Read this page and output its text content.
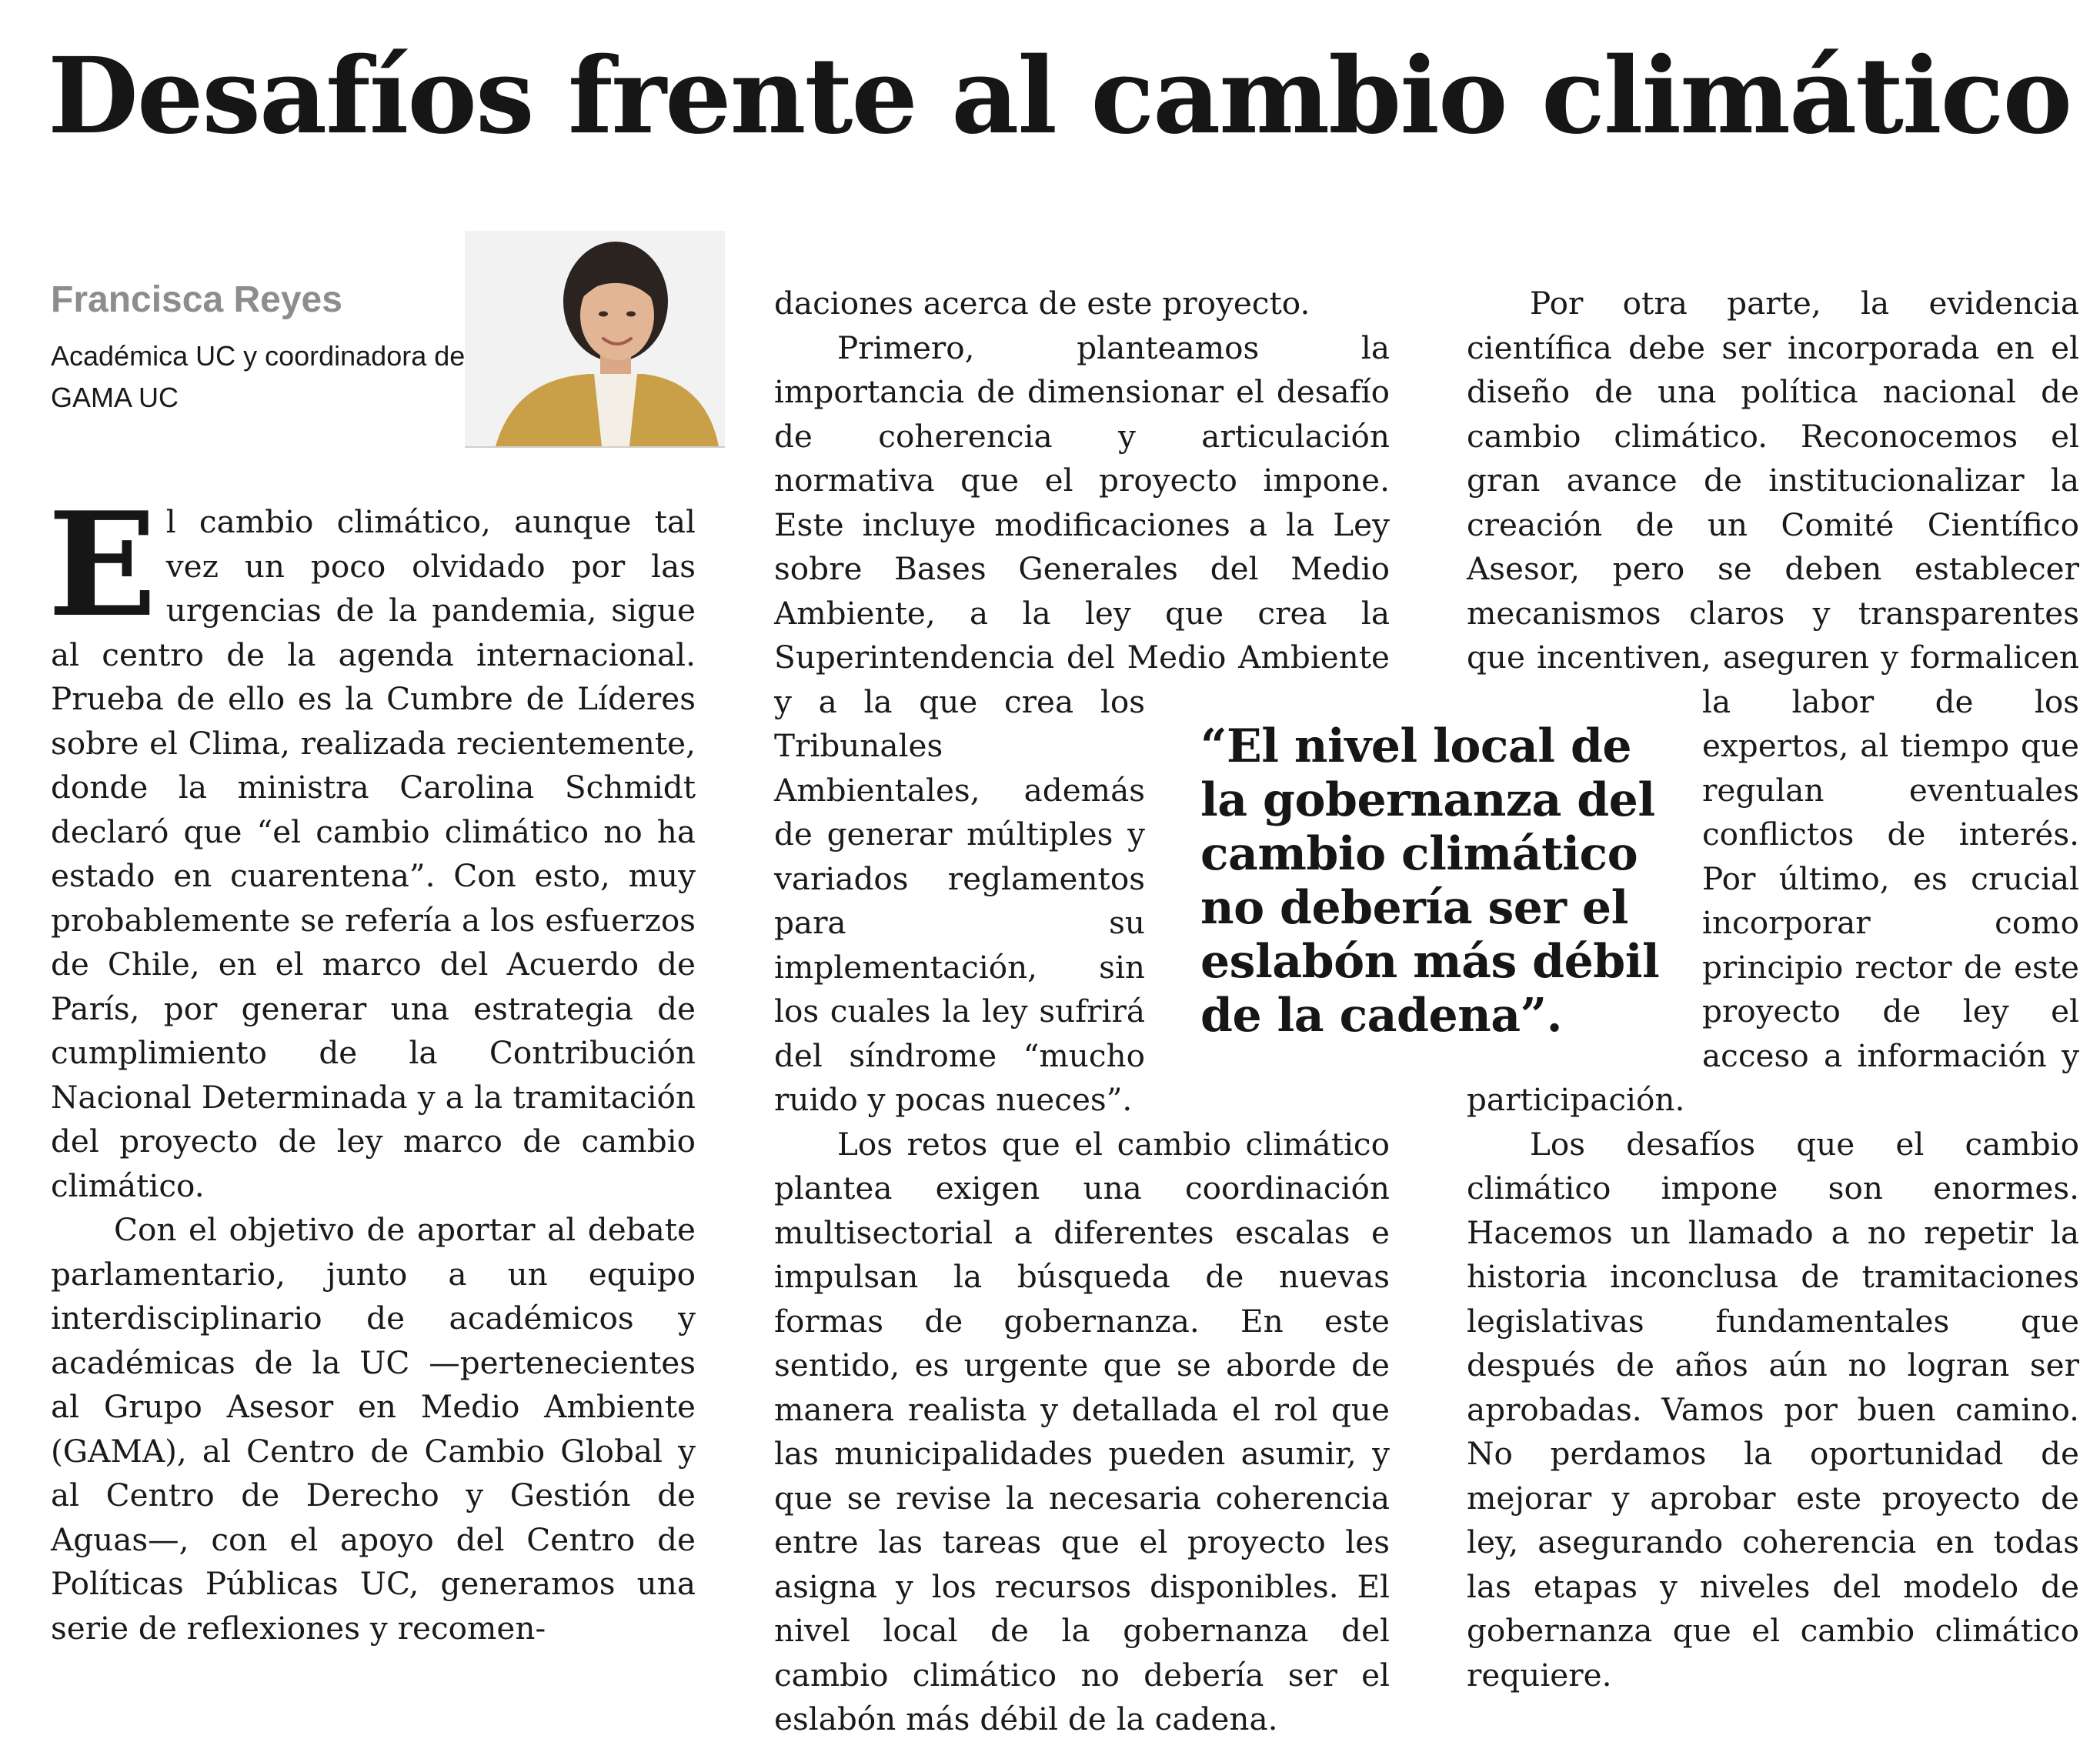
Desafíos frente al cambio climático
Francisca Reyes
Académica UC y coordinadora de GAMA UC

El cambio climático, aunque tal vez un poco olvidado por las urgencias de la pandemia, sigue al centro de la agenda internacional. Prueba de ello es la Cumbre de Líderes sobre el Clima, realizada recientemente, donde la ministra Carolina Schmidt declaró que “el cambio climático no ha estado en cuarentena”. Con esto, muy probablemente se refería a los esfuerzos de Chile, en el marco del Acuerdo de París, por generar una estrategia de cumplimiento de la Contribución Nacional Determinada y a la tramitación del proyecto de ley marco de cambio climático.

Con el objetivo de aportar al debate parlamentario, junto a un equipo interdisciplinario de académicos y académicas de la UC —pertenecientes al Grupo Asesor en Medio Ambiente (GAMA), al Centro de Cambio Global y al Centro de Derecho y Gestión de Aguas—, con el apoyo del Centro de Políticas Públicas UC, generamos una serie de reflexiones y recomen-

daciones acerca de este proyecto.

Primero, planteamos la importancia de dimensionar el desafío de coherencia y articulación normativa que el proyecto impone. Este incluye modificaciones a la Ley sobre Bases Generales del Medio Ambiente, a la ley que crea la Superintendencia del Medio Ambiente y a la que crea los Tribunales Ambientales, además de generar múltiples y variados reglamentos para su implementación, sin los cuales la ley sufrirá del síndrome “mucho ruido y pocas nueces”.

Los retos que el cambio climático plantea exigen una coordinación multisectorial a diferentes escalas e impulsan la búsqueda de nuevas formas de gobernanza. En este sentido, es urgente que se aborde de manera realista y detallada el rol que las municipalidades pueden asumir, y que se revise la necesaria coherencia entre las tareas que el proyecto les asigna y los recursos disponibles. El nivel local de la gobernanza del cambio climático no debería ser el eslabón más débil de la cadena.

Por otra parte, la evidencia científica debe ser incorporada en el diseño de una política nacional de cambio climático. Reconocemos el gran avance de institucionalizar la creación de un Comité Científico Asesor, pero se deben establecer mecanismos claros y transparentes que incentiven, aseguren y formalicen la labor de los expertos, al tiempo que regulan eventuales conflictos de interés. Por último, es crucial incorporar como principio rector de este proyecto de ley el acceso a información y participación.

Los desafíos que el cambio climático impone son enormes. Hacemos un llamado a no repetir la historia inconclusa de tramitaciones legislativas fundamentales que después de años aún no logran ser aprobadas. Vamos por buen camino. No perdamos la oportunidad de mejorar y aprobar este proyecto de ley, asegurando coherencia en todas las etapas y niveles del modelo de gobernanza que el cambio climático requiere.

“El nivel local de la gobernanza del cambio climático no debería ser el eslabón más débil de la cadena”.
